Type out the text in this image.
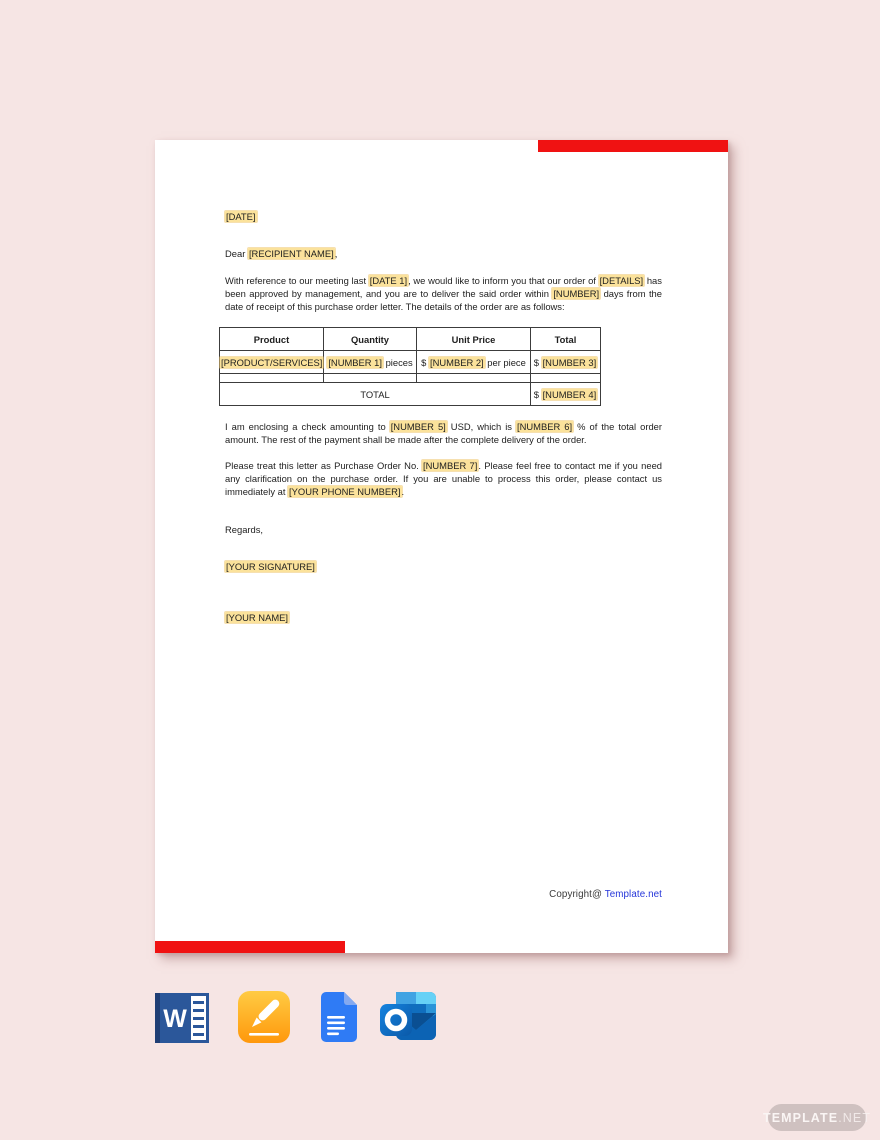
[DATE]

Dear [RECIPIENT NAME],

With reference to our meeting last [DATE 1], we would like to inform you that our order of [DETAILS] has been approved by management, and you are to deliver the said order within [NUMBER] days from the date of receipt of this purchase order letter. The details of the order are as follows:

Product	Quantity	Unit Price	Total
[PRODUCT/SERVICES]	[NUMBER 1] pieces	$ [NUMBER 2] per piece	$ [NUMBER 3]

TOTAL			$ [NUMBER 4]

I am enclosing a check amounting to [NUMBER 5] USD, which is [NUMBER 6] % of the total order amount. The rest of the payment shall be made after the complete delivery of the order.

Please treat this letter as Purchase Order No. [NUMBER 7]. Please feel free to contact me if you need any clarification on the purchase order. If you are unable to process this order, please contact us immediately at [YOUR PHONE NUMBER].

Regards,

[YOUR SIGNATURE]

[YOUR NAME]

Copyright@ Template.net
W
TEMPLATE .NET
